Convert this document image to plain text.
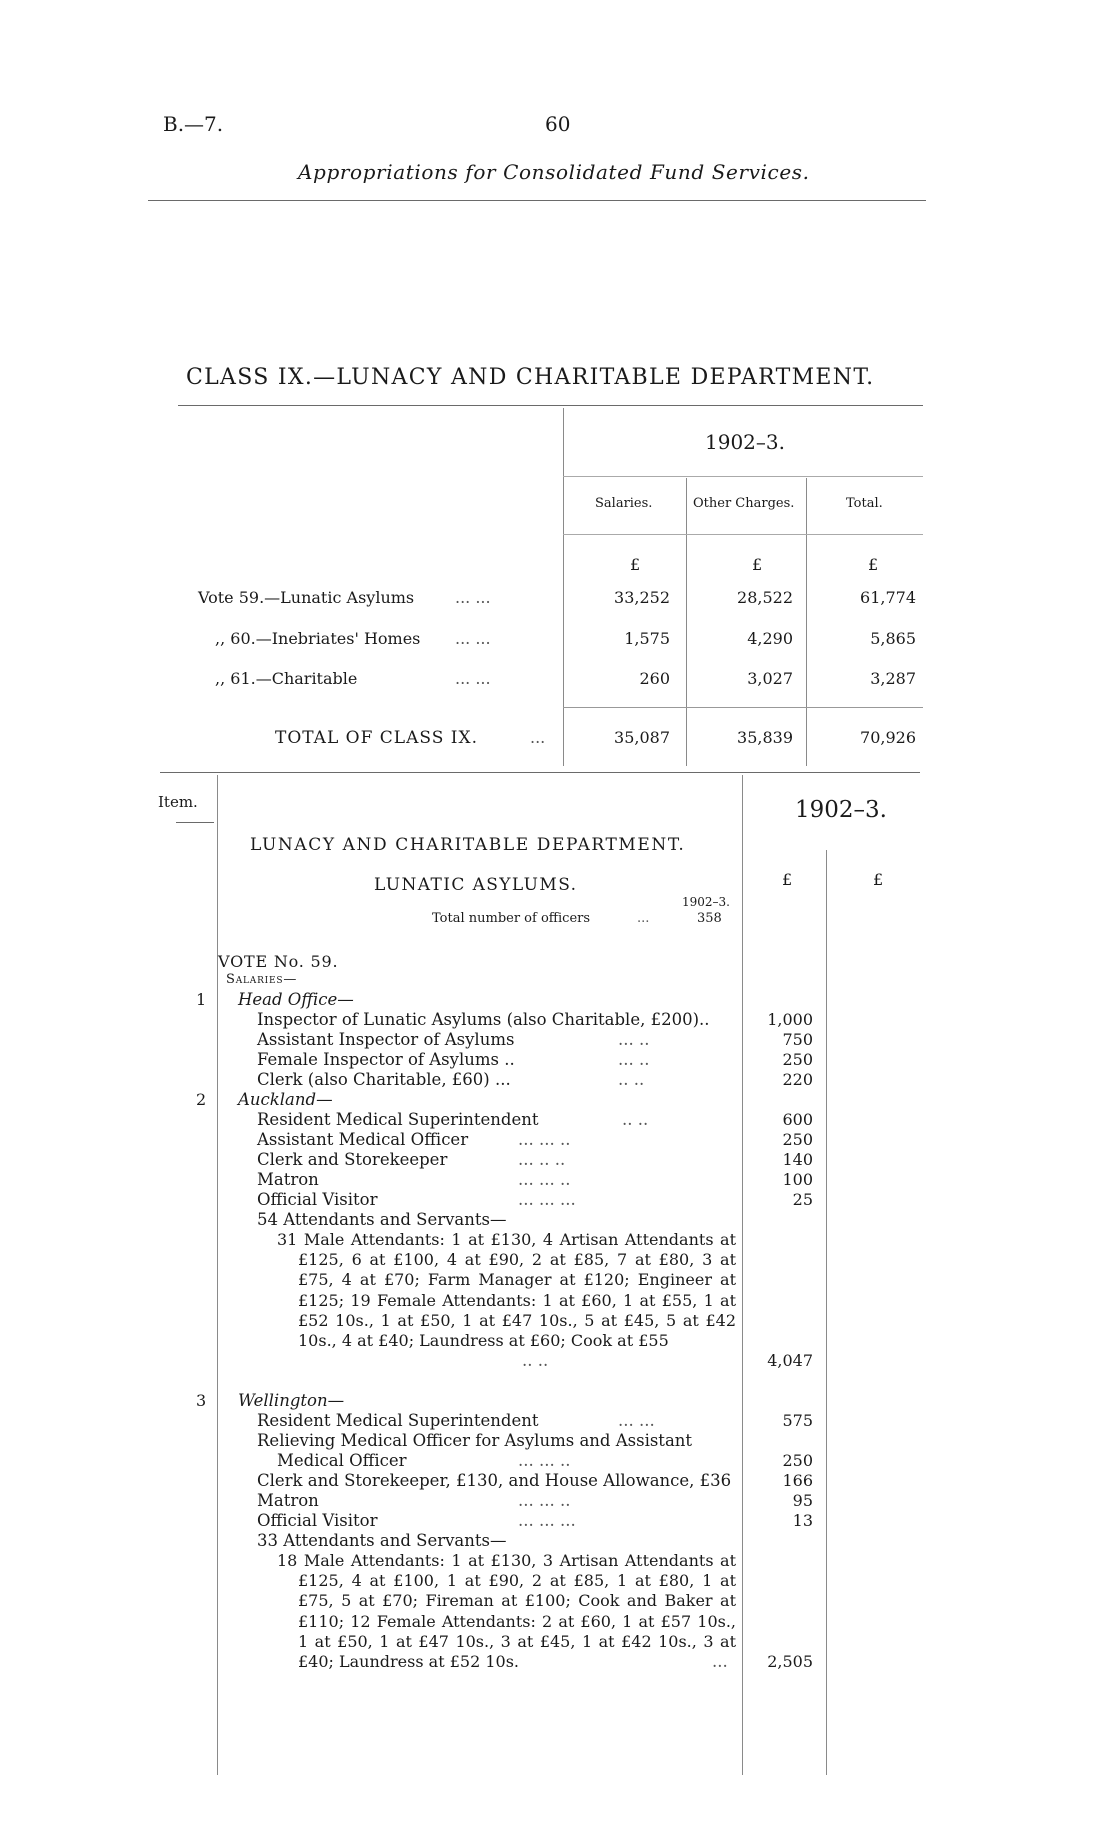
B.—7.	60
Appropriations for Consolidated Fund Services.
CLASS IX.—LUNACY AND CHARITABLE DEPARTMENT.
1902–3.
Salaries.	Other Charges.	Total.
£	£	£
Vote 59.—Lunatic Asylums	... ...	33,252	28,522	61,774
,, 60.—Inebriates' Homes ... ...	1,575	4,290	5,865
,, 61.—Charitable	... ...	260	3,027	3,287
TOTAL OF CLASS IX.	...	35,087	35,839	70,926
Item.	1902–3.
LUNACY AND CHARITABLE DEPARTMENT.
LUNATIC ASYLUMS.	£	£
1902–3.
Total number of officers	...	358
VOTE No. 59.
Salaries—
1 Head Office—
Inspector of Lunatic Asylums (also Charitable, £200)..	1,000
Assistant Inspector of Asylums	... ..	750
Female Inspector of Asylums ..	... ..	250
Clerk (also Charitable, £60) ...	.. ..	220
2 Auckland—
Resident Medical Superintendent	.. ..	600
Assistant Medical Officer	... ... ..	250
Clerk and Storekeeper	... .. ..	140
Matron	... ... ..	100
Official Visitor	... ... ...	25
54 Attendants and Servants—
31 Male Attendants: 1 at £130, 4 Artisan Attendants at £125, 6 at £100, 4 at £90, 2 at £85, 7 at £80, 3 at £75, 4 at £70; Farm Manager at £120; Engineer at £125; 19 Female Attendants: 1 at £60, 1 at £55, 1 at £52 10s., 1 at £50, 1 at £47 10s., 5 at £45, 5 at £42 10s., 4 at £40; Laundress at £60; Cook at £55
.. ..	4,047
3 Wellington—
Resident Medical Superintendent	... ...	575
Relieving Medical Officer for Asylums and Assistant
Medical Officer	... ... ..	250
Clerk and Storekeeper, £130, and House Allowance, £36	166
Matron	... ... ..	95
Official Visitor	... ... ...	13
33 Attendants and Servants—
18 Male Attendants: 1 at £130, 3 Artisan Attendants at £125, 4 at £100, 1 at £90, 2 at £85, 1 at £80, 1 at £75, 5 at £70; Fireman at £100; Cook and Baker at £110; 12 Female Attendants: 2 at £60, 1 at £57 10s., 1 at £50, 1 at £47 10s., 3 at £45, 1 at £42 10s., 3 at £40; Laundress at £52 10s.	...	2,505
